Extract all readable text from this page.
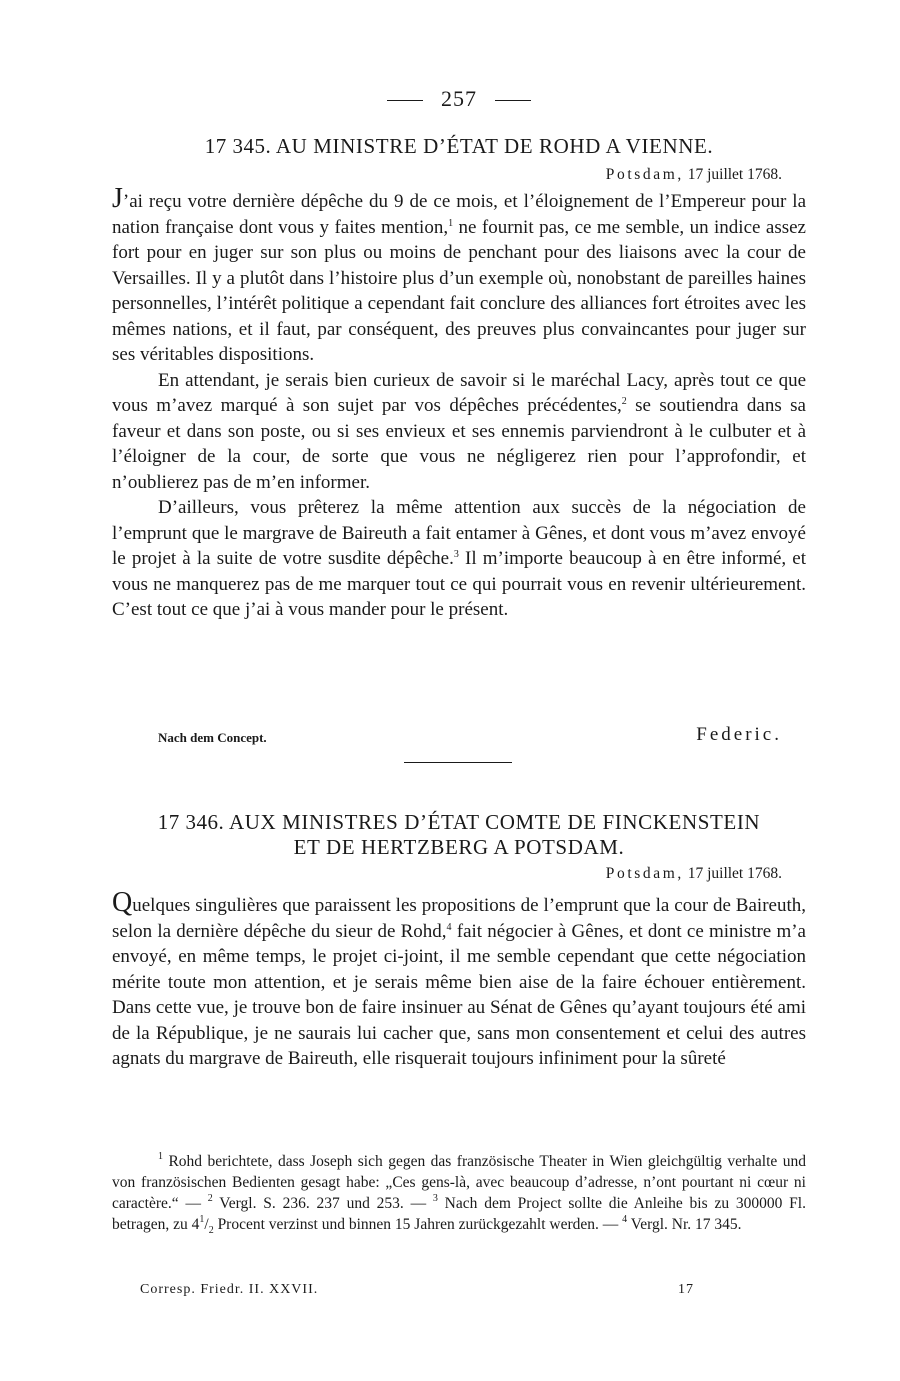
257
17 345. AU MINISTRE D’ÉTAT DE ROHD A VIENNE.
Potsdam, 17 juillet 1768.

J’ai reçu votre dernière dépêche du 9 de ce mois, et l’éloignement de l’Empereur pour la nation française dont vous y faites mention,$^1$ ne fournit pas, ce me semble, un indice assez fort pour en juger sur son plus ou moins de penchant pour des liaisons avec la cour de Versailles. Il y a plutôt dans l’histoire plus d’un exemple où, nonobstant de pareilles haines personnelles, l’intérêt politique a cependant fait conclure des alliances fort étroites avec les mêmes nations, et il faut, par conséquent, des preuves plus convaincantes pour juger sur ses véritables dispositions.

En attendant, je serais bien curieux de savoir si le maréchal Lacy, après tout ce que vous m’avez marqué à son sujet par vos dépêches précédentes,$^2$ se soutiendra dans sa faveur et dans son poste, ou si ses envieux et ses ennemis parviendront à le culbuter et à l’éloigner de la cour, de sorte que vous ne négligerez rien pour l’approfondir, et n’oublierez pas de m’en informer.

D’ailleurs, vous prêterez la même attention aux succès de la négociation de l’emprunt que le margrave de Baireuth a fait entamer à Gênes, et dont vous m’avez envoyé le projet à la suite de votre susdite dépêche.$^3$ Il m’importe beaucoup à en être informé, et vous ne manquerez pas de me marquer tout ce qui pourrait vous en revenir ultérieurement. C’est tout ce que j’ai à vous mander pour le présent.

Nach dem Concept.	Federic.
17 346. AUX MINISTRES D’ÉTAT COMTE DE FINCKENSTEIN
ET DE HERTZBERG A POTSDAM.
Potsdam, 17 juillet 1768.

Quelques singulières que paraissent les propositions de l’emprunt que la cour de Baireuth, selon la dernière dépêche du sieur de Rohd,$^4$ fait négocier à Gênes, et dont ce ministre m’a envoyé, en même temps, le projet ci-joint, il me semble cependant que cette négociation mérite toute mon attention, et je serais même bien aise de la faire échouer entièrement. Dans cette vue, je trouve bon de faire insinuer au Sénat de Gênes qu’ayant toujours été ami de la République, je ne saurais lui cacher que, sans mon consentement et celui des autres agnats du margrave de Baireuth, elle risquerait toujours infiniment pour la sûreté

$^1$ Rohd berichtete, dass Joseph sich gegen das französische Theater in Wien gleichgültig verhalte und von französischen Bedienten gesagt habe: „Ces gens-là, avec beaucoup d’adresse, n’ont pourtant ni cœur ni caractère.“ — $^2$ Vergl. S. 236. 237 und 253. — $^3$ Nach dem Project sollte die Anleihe bis zu 300000 Fl. betragen, zu $4^1/_2$ Procent verzinst und binnen 15 Jahren zurückgezahlt werden. — $^4$ Vergl. Nr. 17 345.

Corresp. Friedr. II. XXVII.	17
